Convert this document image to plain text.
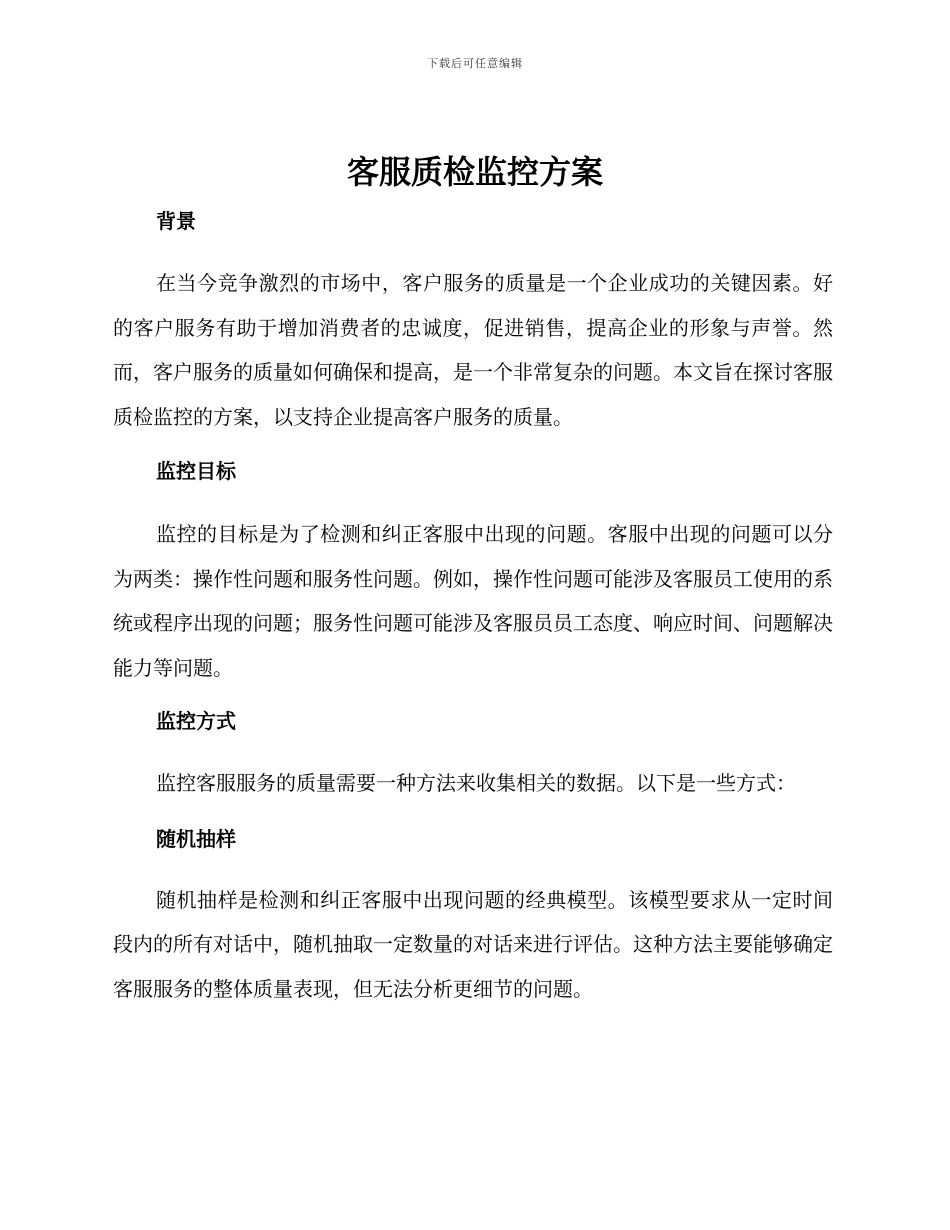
下载后可任意编辑
客服质检监控方案
背景

在当今竞争激烈的市场中，客户服务的质量是一个企业成功的关键因素。好的客户服务有助于增加消费者的忠诚度，促进销售，提高企业的形象与声誉。然而，客户服务的质量如何确保和提高，是一个非常复杂的问题。本文旨在探讨客服质检监控的方案，以支持企业提高客户服务的质量。

监控目标

监控的目标是为了检测和纠正客服中出现的问题。客服中出现的问题可以分为两类：操作性问题和服务性问题。例如，操作性问题可能涉及客服员工使用的系统或程序出现的问题；服务性问题可能涉及客服员员工态度、响应时间、问题解决能力等问题。

监控方式

监控客服服务的质量需要一种方法来收集相关的数据。以下是一些方式：

随机抽样

随机抽样是检测和纠正客服中出现问题的经典模型。该模型要求从一定时间段内的所有对话中，随机抽取一定数量的对话来进行评估。这种方法主要能够确定客服服务的整体质量表现，但无法分析更细节的问题。
